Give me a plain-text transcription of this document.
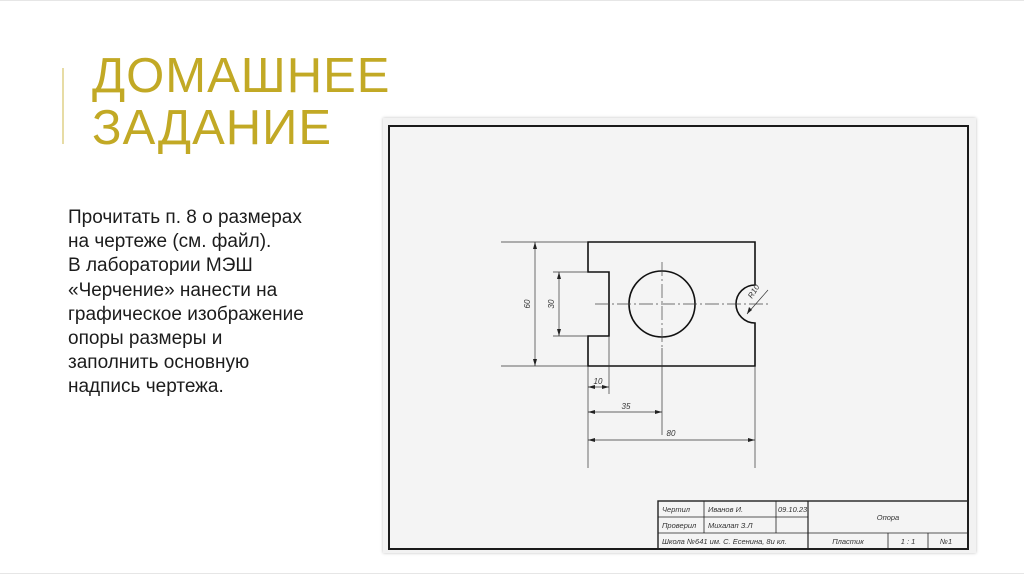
ДОМАШНЕЕ
ЗАДАНИЕ
Прочитать п. 8 о размерах
на чертеже (см. файл).
В лаборатории МЭШ
«Черчение» нанести на
графическое изображение
опоры размеры и
заполнить основную
надпись чертежа.
60 30
R10
10
35
80
Чертил Иванов И.	09.10.23
Проверил Михалап З.Л
Школа №641 им. С. Есенина, 8и кл.
Опора
Пластик	1 : 1	№1
